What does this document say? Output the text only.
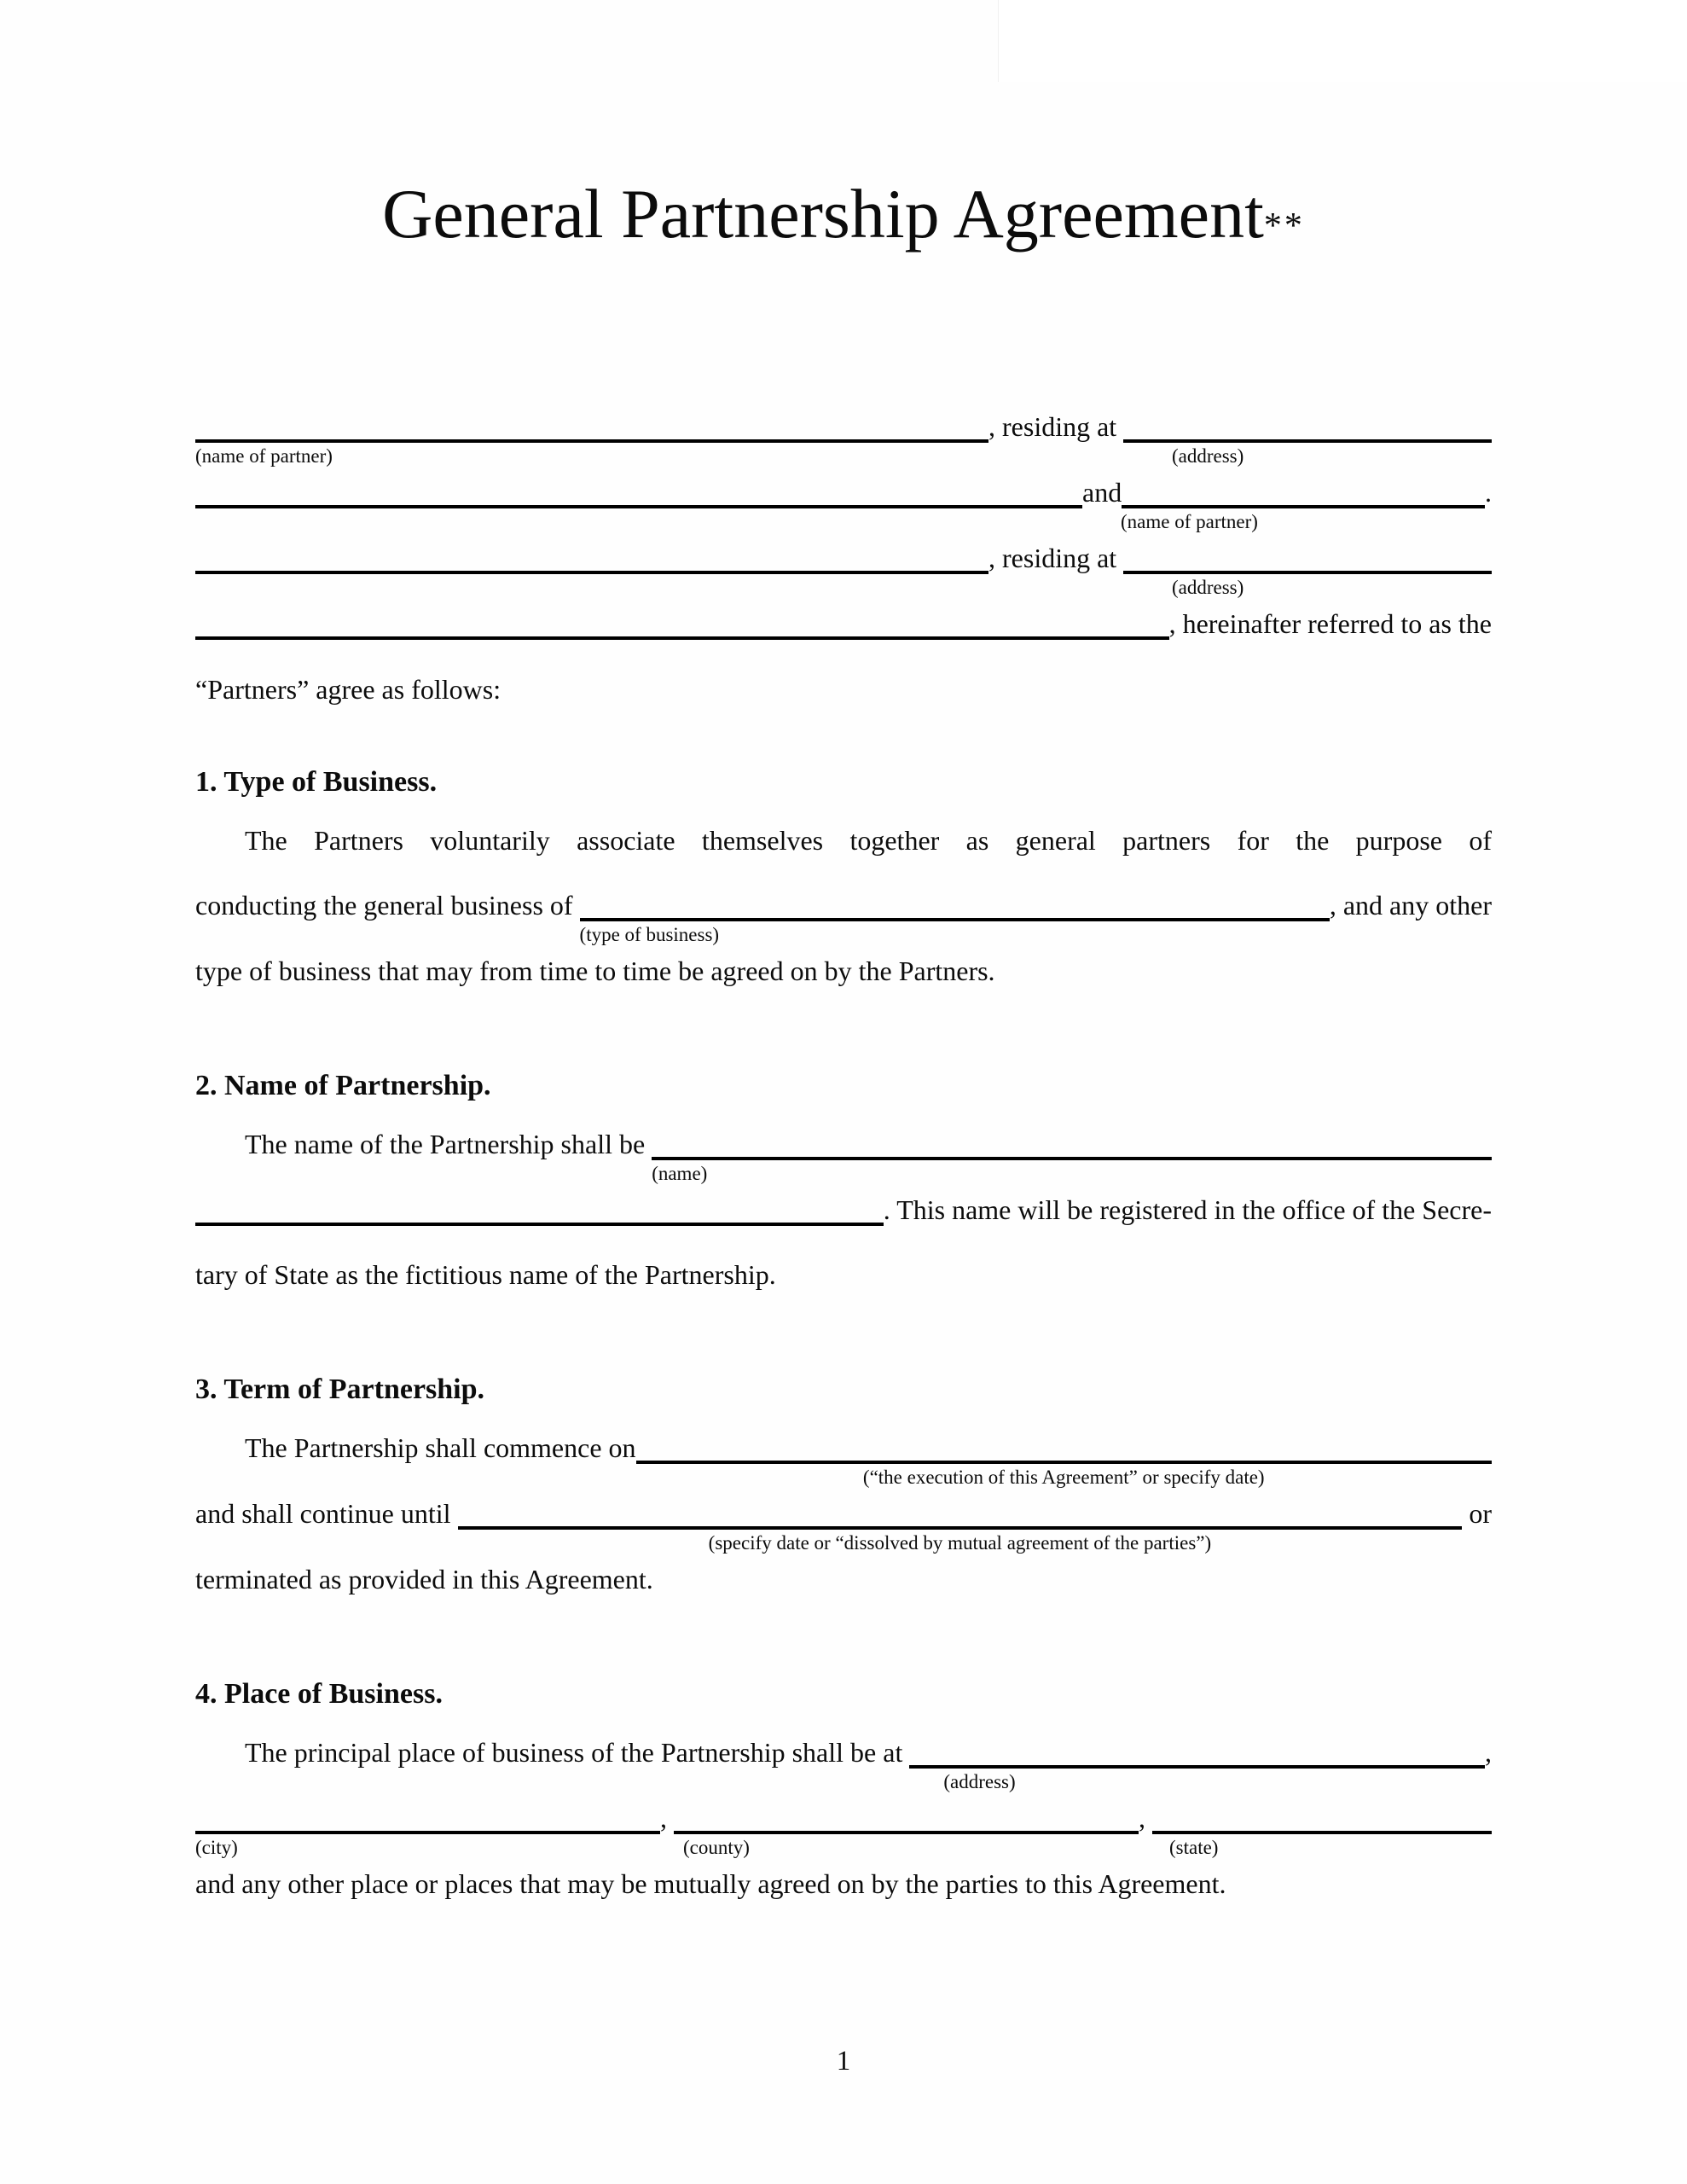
General Partnership Agreement**
, residing at
(name of partner)	(address)
and	.
(name of partner)
, residing at
(address)
, hereinafter referred to as the
“Partners” agree as follows:
1. Type of Business.
The Partners voluntarily associate themselves together as general partners for the purpose of
conducting the general business of	, and any other
(type of business)
type of business that may from time to time be agreed on by the Partners.
2. Name of Partnership.
The name of the Partnership shall be
(name)
. This name will be registered in the office of the Secre-
tary of State as the fictitious name of the Partnership.
3. Term of Partnership.
The Partnership shall commence on
(“the execution of this Agreement” or specify date)
and shall continue until	or
(specify date or “dissolved by mutual agreement of the parties”)
terminated as provided in this Agreement.
4. Place of Business.
The principal place of business of the Partnership shall be at	,
(address)
,	,
(city)	(county)	(state)
and any other place or places that may be mutually agreed on by the parties to this Agreement.
1
